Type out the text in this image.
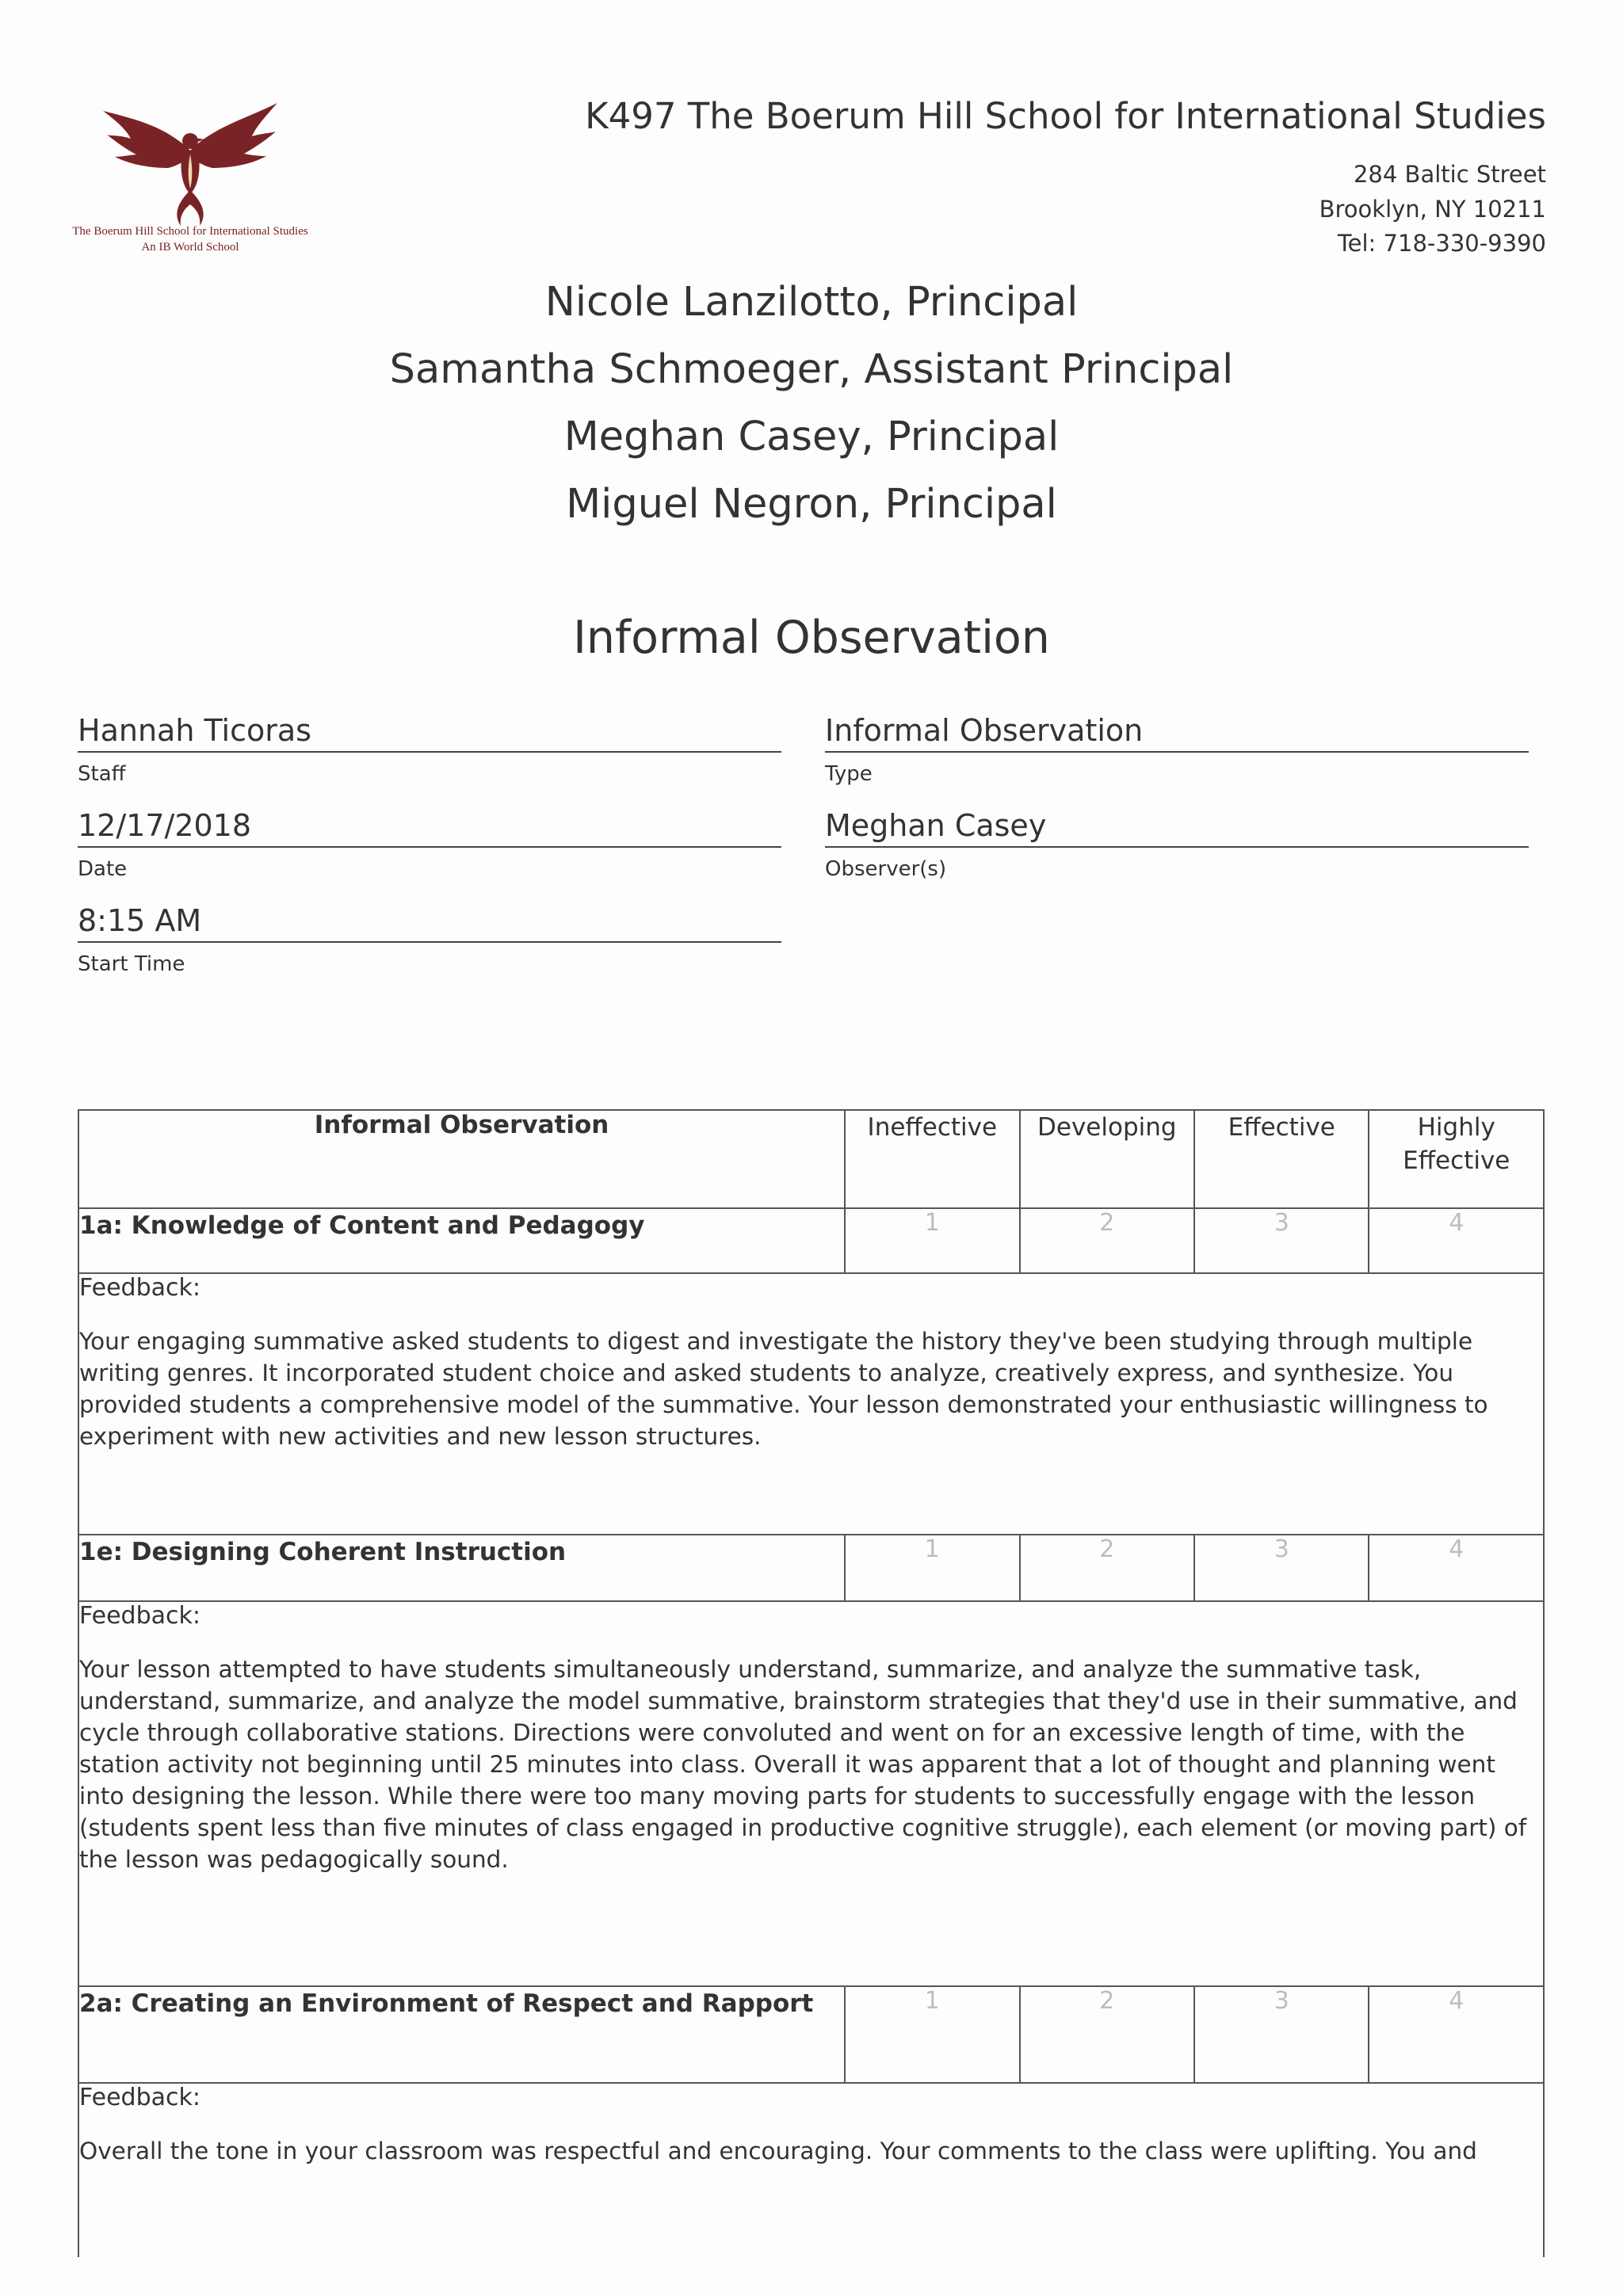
The Boerum Hill School for International Studies
An IB World School
K497 The Boerum Hill School for International Studies
284 Baltic Street
Brooklyn, NY 10211
Tel: 718-330-9390
Nicole Lanzilotto, Principal
Samantha Schmoeger, Assistant Principal
Meghan Casey, Principal
Miguel Negron, Principal
Informal Observation
Hannah Ticoras
Staff
12/17/2018
Date
8:15 AM
Start Time
Informal Observation
Type
Meghan Casey
Observer(s)
Informal Observation	Ineffective	Developing	Effective	Highly Effective
1a: Knowledge of Content and Pedagogy	1	2	3	4

Feedback:
Your engaging summative asked students to digest and investigate the history they've been studying through multiple writing genres. It incorporated student choice and asked students to analyze, creatively express, and synthesize. You provided students a comprehensive model of the summative. Your lesson demonstrated your enthusiastic willingness to experiment with new activities and new lesson structures.				

1e: Designing Coherent Instruction	1	2	3	4

Feedback:
Your lesson attempted to have students simultaneously understand, summarize, and analyze the summative task, understand, summarize, and analyze the model summative, brainstorm strategies that they'd use in their summative, and cycle through collaborative stations. Directions were convoluted and went on for an excessive length of time, with the station activity not beginning until 25 minutes into class. Overall it was apparent that a lot of thought and planning went into designing the lesson. While there were too many moving parts for students to successfully engage with the lesson (students spent less than five minutes of class engaged in productive cognitive struggle), each element (or moving part) of the lesson was pedagogically sound.				

2a: Creating an Environment of Respect and Rapport	1	2	3	4

Feedback:
Overall the tone in your classroom was respectful and encouraging. Your comments to the class were uplifting. You and				
